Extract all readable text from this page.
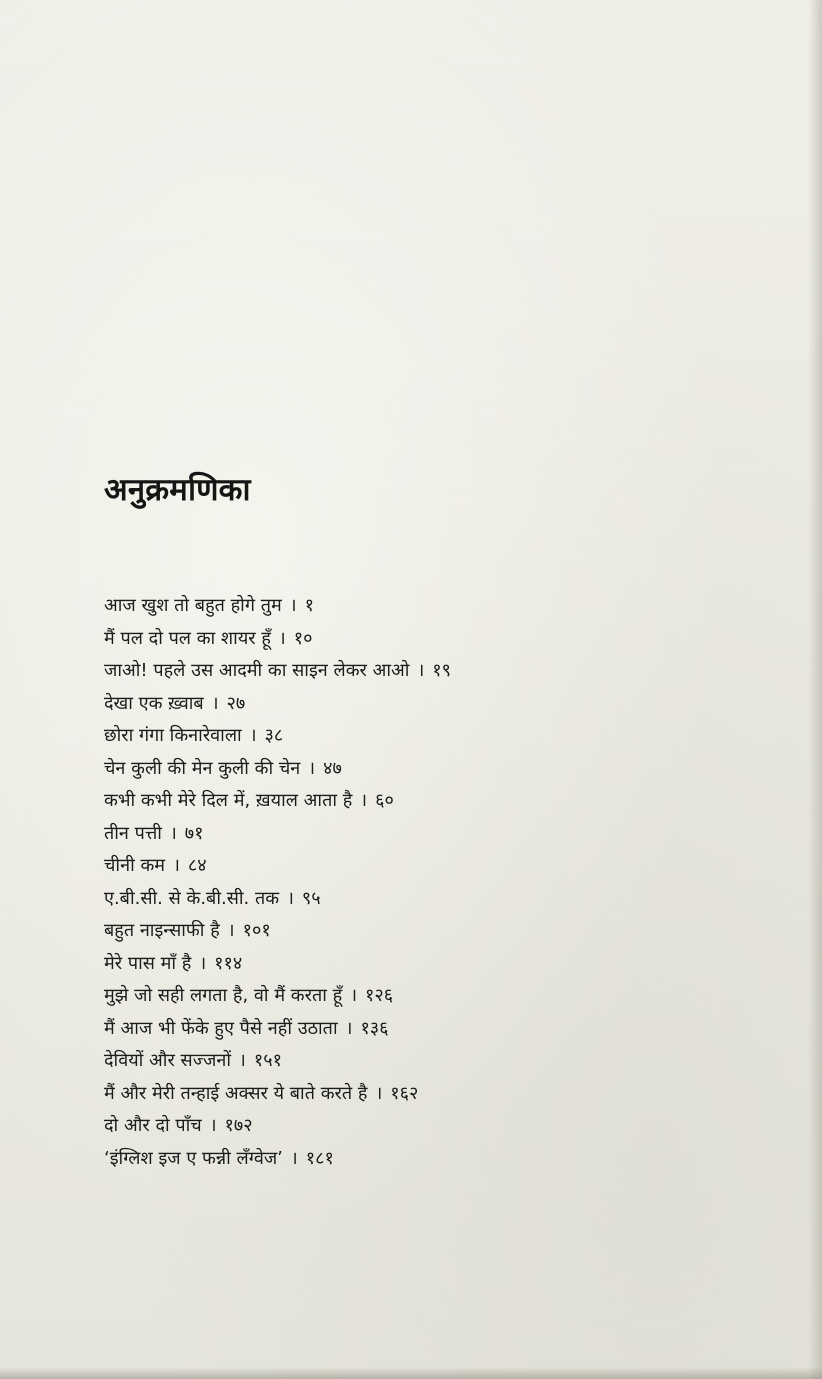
अनुक्रमणिका
आज खुश तो बहुत होगे तुम । १
मैं पल दो पल का शायर हूँ । १०
जाओ! पहले उस आदमी का साइन लेकर आओ । १९
देखा एक ख़्वाब । २७
छोरा गंगा किनारेवाला । ३८
चेन कुली की मेन कुली की चेन । ४७
कभी कभी मेरे दिल में, ख़याल आता है । ६०
तीन पत्ती । ७१
चीनी कम । ८४
ए.बी.सी. से के.बी.सी. तक । ९५
बहुत नाइन्साफी है । १०१
मेरे पास माँ है । ११४
मुझे जो सही लगता है, वो मैं करता हूँ । १२६
मैं आज भी फेंके हुए पैसे नहीं उठाता । १३६
देवियों और सज्जनों । १५१
मैं और मेरी तन्हाई अक्सर ये बाते करते है । १६२
दो और दो पाँच । १७२
‘इंग्लिश इज ए फन्नी लँग्वेज’ । १८१
